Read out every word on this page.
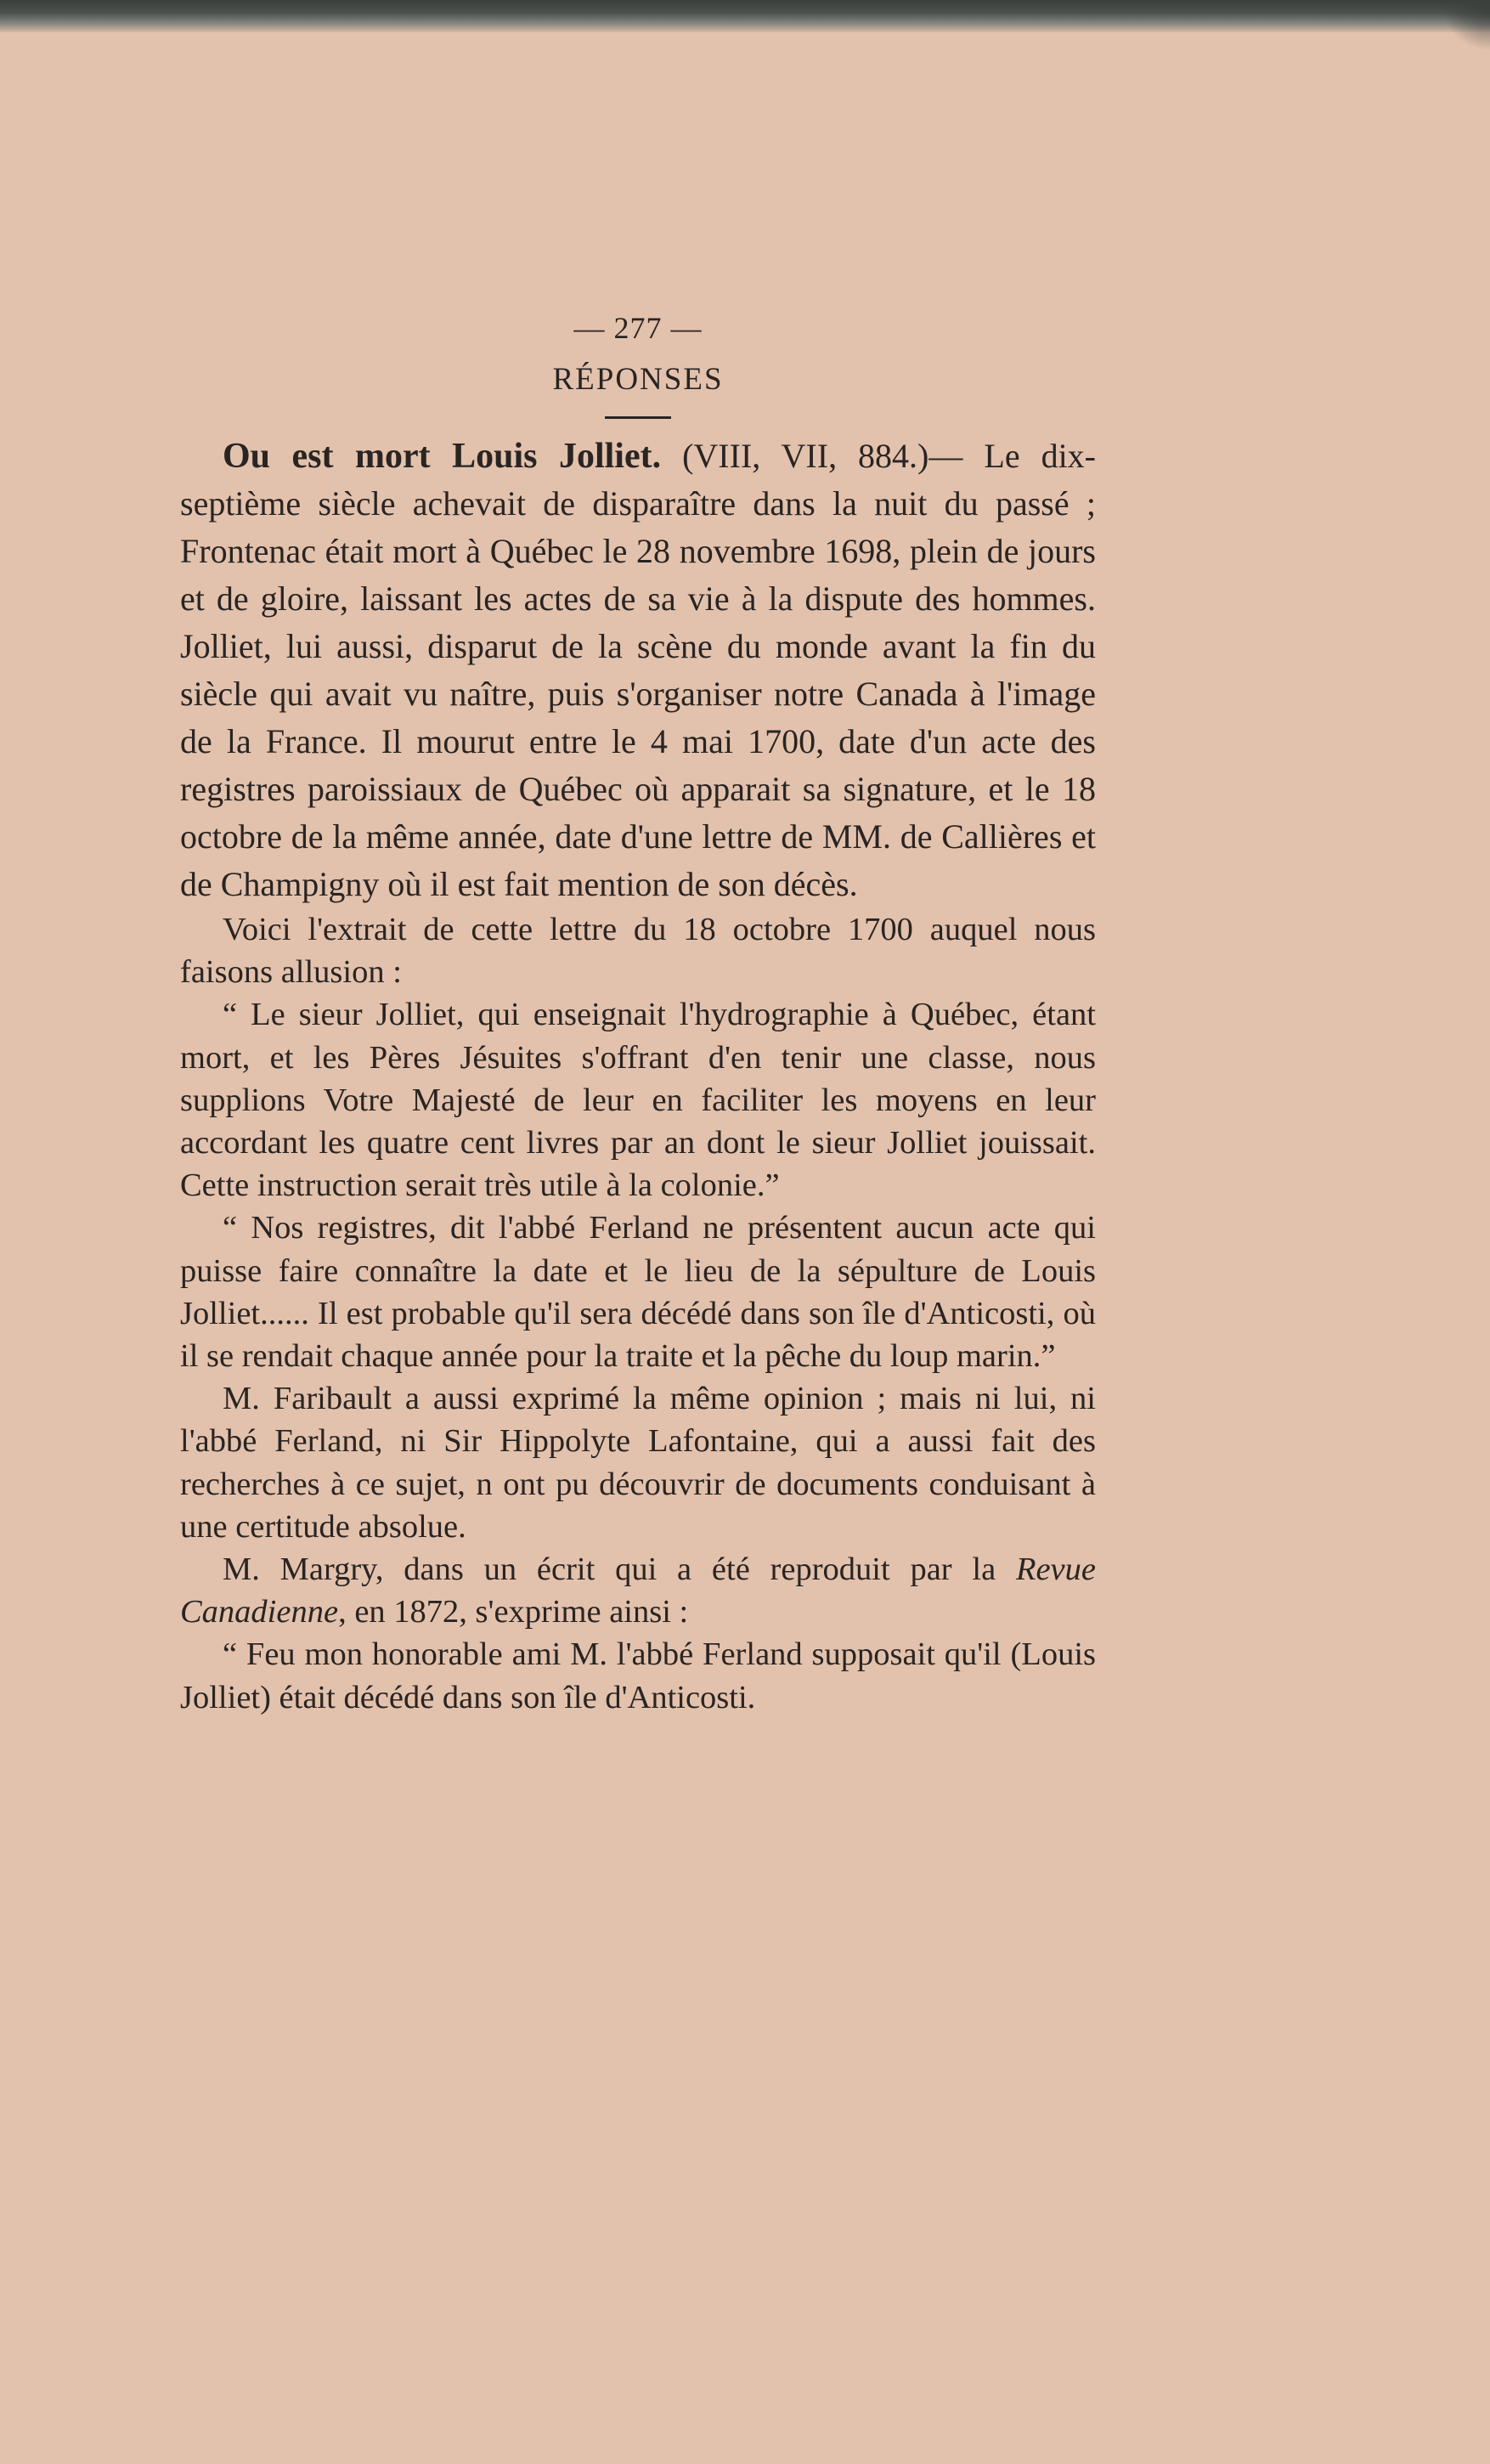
— 277 —
RÉPONSES

Ou est mort Louis Jolliet. (VIII, VII, 884.)— Le dix-septième siècle achevait de disparaître dans la nuit du passé ; Frontenac était mort à Québec le 28 novembre 1698, plein de jours et de gloire, laissant les actes de sa vie à la dispute des hommes. Jolliet, lui aussi, disparut de la scène du monde avant la fin du siècle qui avait vu naître, puis s'organiser notre Canada à l'image de la France. Il mourut entre le 4 mai 1700, date d'un acte des registres paroissiaux de Québec où apparait sa signature, et le 18 octobre de la même année, date d'une lettre de MM. de Callières et de Champigny où il est fait mention de son décès.

Voici l'extrait de cette lettre du 18 octobre 1700 auquel nous faisons allusion :

“ Le sieur Jolliet, qui enseignait l'hydrographie à Québec, étant mort, et les Pères Jésuites s'offrant d'en tenir une classe, nous supplions Votre Majesté de leur en faciliter les moyens en leur accordant les quatre cent livres par an dont le sieur Jolliet jouissait. Cette instruction serait très utile à la colonie.”

“ Nos registres, dit l'abbé Ferland ne présentent aucun acte qui puisse faire connaître la date et le lieu de la sépulture de Louis Jolliet...... Il est probable qu'il sera décédé dans son île d'Anticosti, où il se rendait chaque année pour la traite et la pêche du loup marin.”

M. Faribault a aussi exprimé la même opinion ; mais ni lui, ni l'abbé Ferland, ni Sir Hippolyte Lafontaine, qui a aussi fait des recherches à ce sujet, n ont pu découvrir de documents conduisant à une certitude absolue.

M. Margry, dans un écrit qui a été reproduit par la Revue Canadienne, en 1872, s'exprime ainsi :

“ Feu mon honorable ami M. l'abbé Ferland supposait qu'il (Louis Jolliet) était décédé dans son île d'Anticosti.
